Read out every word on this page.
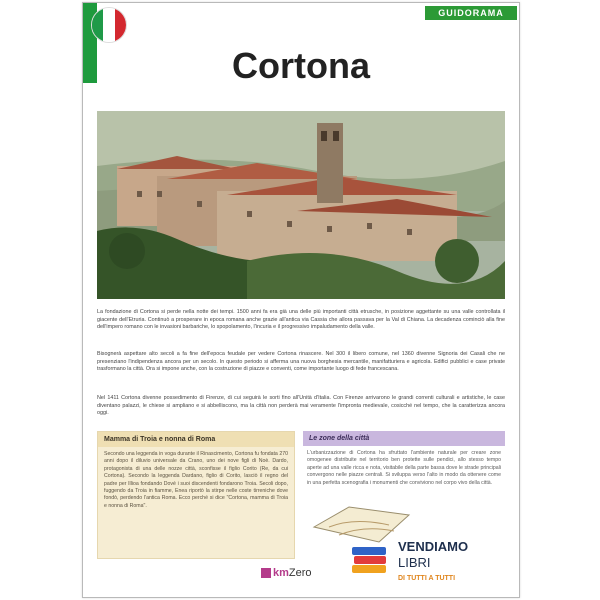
GUIDORAMA
Cortona

La fondazione di Cortona si perde nella notte dei tempi. 1500 anni fa era già una delle più importanti città etrusche, in posizione aggettante su una valle controllata il giacente dell'Etruria. Continuò a prosperare in epoca romana anche grazie all'antica via Cassia che allora passava per la Val di Chiana. La decadenza cominciò alla fine dell'impero romano con le invasioni barbariche, lo spopolamento, l'incuria e il progressivo impaludamento della valle.

Bisognerà aspettare alto secoli a fa fine dell'epoca feudale per vedere Cortona rinascere. Nel 300 il libero comune, nel 1360 divenne Signoria dei Casali che ne presenziano l'indipendenza ancora per un secolo. In questo periodo si afferma una nuova borghesia mercantile, manifatturiera e agricola. Edifici pubblici e case private trasformano la città. Ora si impone anche, con la costruzione di piazze e conventi, come importante luogo di fede francescana.

Nel 1411 Cortona divenne possedimento di Firenze, di cui seguirà le sorti fino all'Unità d'Italia. Con Firenze arrivarono le grandi correnti culturali e artistiche, le case diventano palazzi, le chiese si ampliano e si abbelliscono, ma la città non perderà mai veramente l'impronta medievale, cosicché nel tempo, che la caratterizza ancora oggi.

Mamma di Troia e nonna di Roma

Secondo una leggenda in voga durante il Rinascimento, Cortona fu fondata 270 anni dopo il diluvio universale da Crano, uno dei nove figli di Noè. Dardo, protagonista di una delle nozze città, sconfisse il figlio Corito (Re, da cui Cortona). Secondo la leggenda Dardano, figlio di Corito, lasciò il regno del padre per Illioa fondando Dové i suoi discendenti fondarono Troia. Secoli dopo, fuggendo da Troia in fiamme, Enea riportò la stirpe nelle coste tirreniche dove fondò, perdendo l'antica Roma. Ecco perché si dice "Cortona, mamma di Troia e nonna di Roma".

Le zone della città

L'urbanizzazione di Cortona ha sfruttato l'ambiente naturale per creare zone omogenee distribuite nel territorio ben protette sulle pendici, allo stesso tempo aperte ad una valle ricca e nota, visitabile della parte bassa dove le strade principali convergono nelle piazze centrali. Si sviluppa verso l'alto in modo da ottenere come in una perfetta scenografia i monumenti che conviviono nel corpo vivo della città.

km Zero
VENDIAMO
LIBRI
DI TUTTI A TUTTI
